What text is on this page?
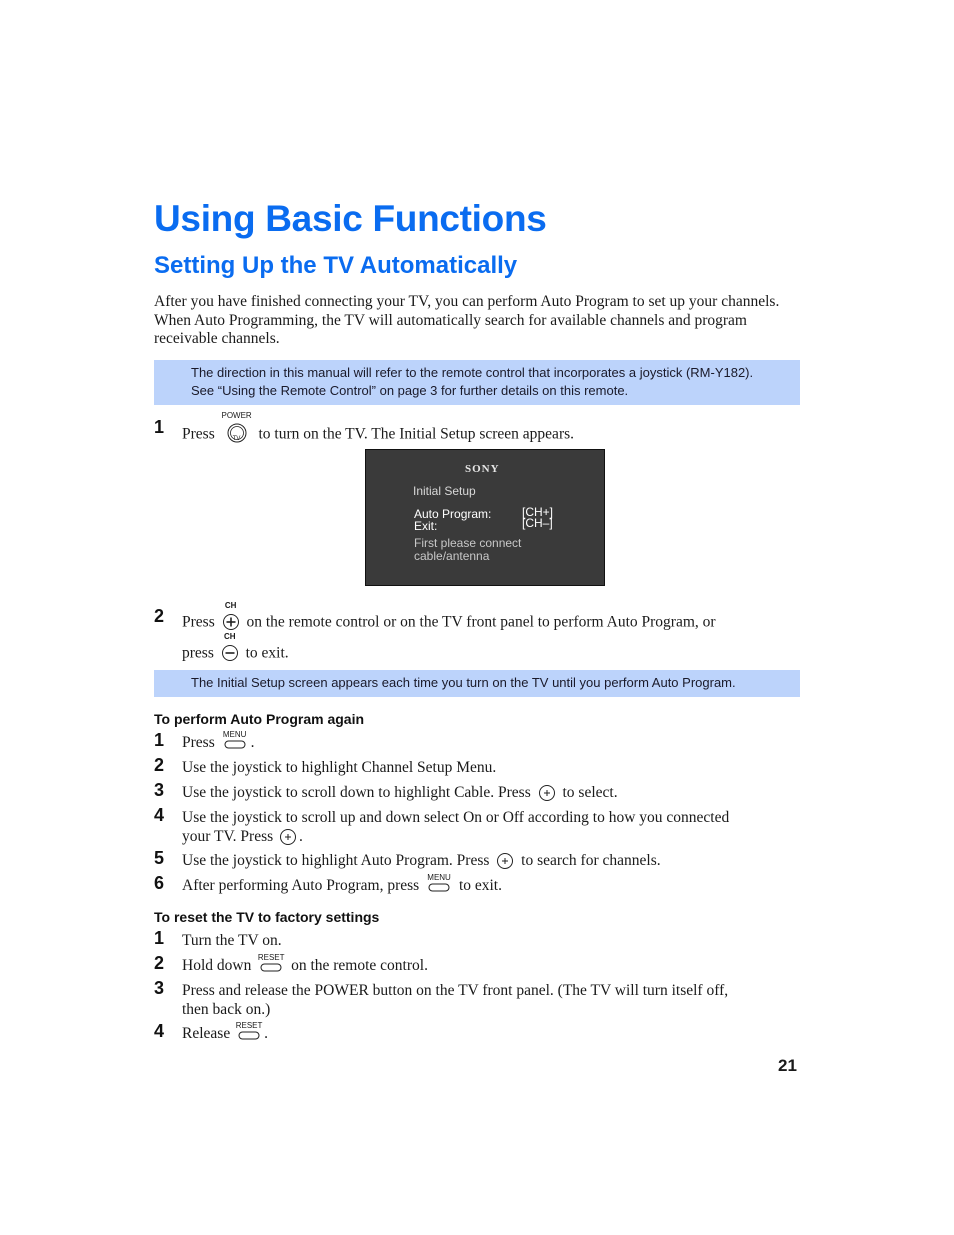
Using Basic Functions
Setting Up the TV Automatically
After you have finished connecting your TV, you can perform Auto Program to set up your channels. When Auto Programming, the TV will automatically search for available channels and program receivable channels.
The direction in this manual will refer to the remote control that incorporates a joystick (RM-Y182).
See “Using the Remote Control” on page 3 for further details on this remote.
1 Press
POWER
TV	to turn on the TV. The Initial Setup screen appears.
SONY
Initial Setup
Auto Program:	[CH+]
Exit:	[CH–]
First please connect
cable/antenna
2 Press
CH
on the remote control or on the TV front panel to perform Auto Program, or
press
CH
to exit.
The Initial Setup screen appears each time you turn on the TV until you perform Auto Program.
To perform Auto Program again
1 Press MENU .
2 Use the joystick to highlight Channel Setup Menu.
3 Use the joystick to scroll down to highlight Cable. Press to select.
4 Use the joystick to scroll up and down select On or Off according to how you connected
your TV. Press .
5 Use the joystick to highlight Auto Program. Press to search for channels.
6 After performing Auto Program, press MENU to exit.
To reset the TV to factory settings
1 Turn the TV on.
2 Hold down RESET on the remote control.
3 Press and release the POWER button on the TV front panel. (The TV will turn itself off,
then back on.)
4 Release RESET .
21
